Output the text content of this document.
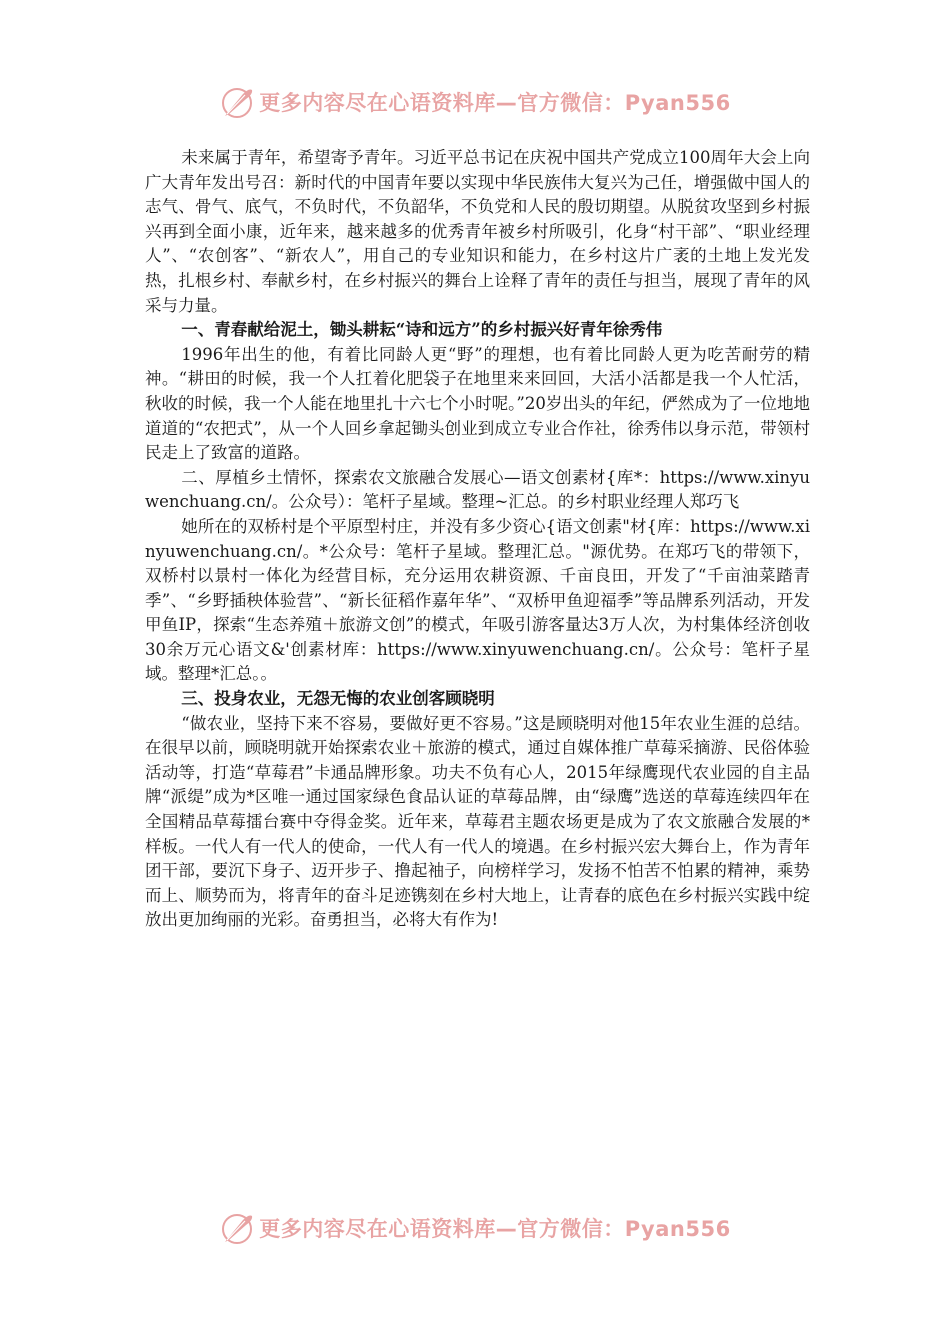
更多内容尽在心语资料库—官方微信：Pyan556

未来属于青年，希望寄予青年。习近平总书记在庆祝中国共产党成立100周年大会上向广大青年发出号召：新时代的中国青年要以实现中华民族伟大复兴为己任，增强做中国人的志气、骨气、底气，不负时代，不负韶华，不负党和人民的殷切期望。从脱贫攻坚到乡村振兴再到全面小康，近年来，越来越多的优秀青年被乡村所吸引，化身“村干部”、“职业经理人”、“农创客”、“新农人”，用自己的专业知识和能力，在乡村这片广袤的土地上发光发热，扎根乡村、奉献乡村，在乡村振兴的舞台上诠释了青年的责任与担当，展现了青年的风采与力量。

一、青春献给泥土，锄头耕耘“诗和远方”的乡村振兴好青年徐秀伟

1996年出生的他，有着比同龄人更“野”的理想，也有着比同龄人更为吃苦耐劳的精神。“耕田的时候，我一个人扛着化肥袋子在地里来来回回，大活小活都是我一个人忙活，秋收的时候，我一个人能在地里扎十六七个小时呢。”20岁出头的年纪，俨然成为了一位地地道道的“农把式”，从一个人回乡拿起锄头创业到成立专业合作社，徐秀伟以身示范，带领村民走上了致富的道路。

二、厚植乡土情怀，探索农文旅融合发展心—语文创素材{库*：https://www.xinyuwenchuang.cn/。公众号）：笔杆子星域。整理~汇总。的乡村职业经理人郑巧飞

她所在的双桥村是个平原型村庄，并没有多少资心{语文创素"材{库：https://www.xinyuwenchuang.cn/。*公众号：笔杆子星域。整理汇总。"源优势。在郑巧飞的带领下，双桥村以景村一体化为经营目标，充分运用农耕资源、千亩良田，开发了“千亩油菜踏青季”、“乡野插秧体验营”、“新长征稻作嘉年华”、“双桥甲鱼迎福季”等品牌系列活动，开发甲鱼IP，探索“生态养殖＋旅游文创”的模式，年吸引游客量达3万人次，为村集体经济创收30余万元心语文&'创素材库：https://www.xinyuwenchuang.cn/。公众号：笔杆子星域。整理*汇总。。

三、投身农业，无怨无悔的农业创客顾晓明

“做农业，坚持下来不容易，要做好更不容易。”这是顾晓明对他15年农业生涯的总结。在很早以前，顾晓明就开始探索农业＋旅游的模式，通过自媒体推广草莓采摘游、民俗体验活动等，打造“草莓君”卡通品牌形象。功夫不负有心人，2015年绿鹰现代农业园的自主品牌“派缇”成为*区唯一通过国家绿色食品认证的草莓品牌，由“绿鹰”选送的草莓连续四年在全国精品草莓擂台赛中夺得金奖。近年来，草莓君主题农场更是成为了农文旅融合发展的*样板。一代人有一代人的使命，一代人有一代人的境遇。在乡村振兴宏大舞台上，作为青年团干部，要沉下身子、迈开步子、撸起袖子，向榜样学习，发扬不怕苦不怕累的精神，乘势而上、顺势而为，将青年的奋斗足迹镌刻在乡村大地上，让青春的底色在乡村振兴实践中绽放出更加绚丽的光彩。奋勇担当，必将大有作为!

更多内容尽在心语资料库—官方微信：Pyan556
